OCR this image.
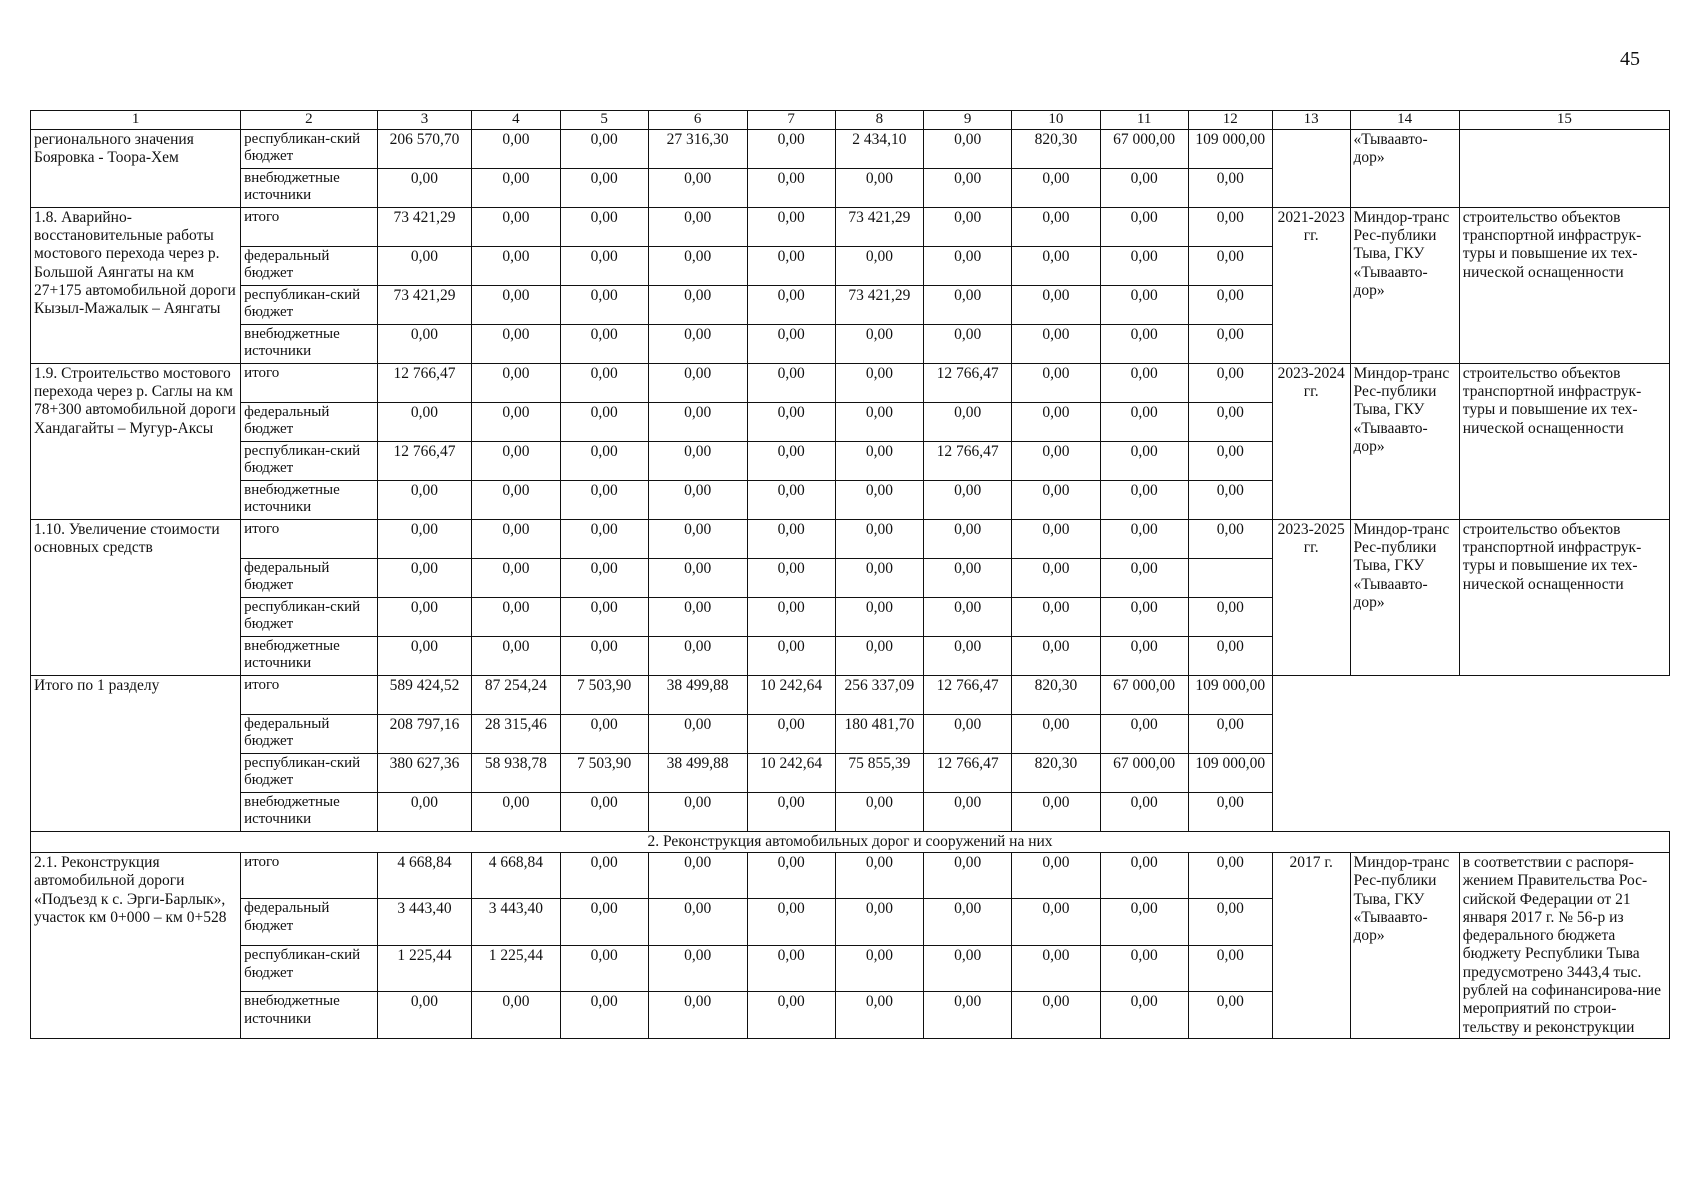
45
1	2	3	4	5	6	7	8	9	10	11	12	13	14	15
регионального значения Бояровка - Тоора-Хем	республикан-ский бюджет	206 570,70	0,00	0,00	27 316,30	0,00	2 434,10	0,00	820,30	67 000,00	109 000,00		«Тываавто-дор»	
	внебюджетные источники	0,00	0,00	0,00	0,00	0,00	0,00	0,00	0,00	0,00	0,00			
1.8. Аварийно-восстановительные работы мостового перехода через р. Большой Аянгаты на км 27+175 автомобильной дороги Кызыл-Мажалык – Аянгаты	итого	73 421,29	0,00	0,00	0,00	0,00	73 421,29	0,00	0,00	0,00	0,00	2021-2023 гг.	Миндор-транс Рес-публики Тыва, ГКУ «Тываавто-дор»	строительство объектов транспортной инфраструк-туры и повышение их тех-нической оснащенности
	федеральный бюджет	0,00	0,00	0,00	0,00	0,00	0,00	0,00	0,00	0,00	0,00			
	республикан-ский бюджет	73 421,29	0,00	0,00	0,00	0,00	73 421,29	0,00	0,00	0,00	0,00			
	внебюджетные источники	0,00	0,00	0,00	0,00	0,00	0,00	0,00	0,00	0,00	0,00			
1.9. Строительство мостового перехода через р. Саглы на км 78+300 автомобильной дороги Хандагайты – Мугур-Аксы	итого	12 766,47	0,00	0,00	0,00	0,00	0,00	12 766,47	0,00	0,00	0,00	2023-2024 гг.	Миндор-транс Рес-публики Тыва, ГКУ «Тываавто-дор»	строительство объектов транспортной инфраструк-туры и повышение их тех-нической оснащенности
	федеральный бюджет	0,00	0,00	0,00	0,00	0,00	0,00	0,00	0,00	0,00	0,00			
	республикан-ский бюджет	12 766,47	0,00	0,00	0,00	0,00	0,00	12 766,47	0,00	0,00	0,00			
	внебюджетные источники	0,00	0,00	0,00	0,00	0,00	0,00	0,00	0,00	0,00	0,00			
1.10. Увеличение стоимости основных средств	итого	0,00	0,00	0,00	0,00	0,00	0,00	0,00	0,00	0,00	0,00	2023-2025 гг.	Миндор-транс Рес-публики Тыва, ГКУ «Тываавто-дор»	строительство объектов транспортной инфраструк-туры и повышение их тех-нической оснащенности
	федеральный бюджет	0,00	0,00	0,00	0,00	0,00	0,00	0,00	0,00	0,00				
	республикан-ский бюджет	0,00	0,00	0,00	0,00	0,00	0,00	0,00	0,00	0,00	0,00			
	внебюджетные источники	0,00	0,00	0,00	0,00	0,00	0,00	0,00	0,00	0,00	0,00			
Итого по 1 разделу	итого	589 424,52	87 254,24	7 503,90	38 499,88	10 242,64	256 337,09	12 766,47	820,30	67 000,00	109 000,00			
	федеральный бюджет	208 797,16	28 315,46	0,00	0,00	0,00	180 481,70	0,00	0,00	0,00	0,00			
	республикан-ский бюджет	380 627,36	58 938,78	7 503,90	38 499,88	10 242,64	75 855,39	12 766,47	820,30	67 000,00	109 000,00			
	внебюджетные источники	0,00	0,00	0,00	0,00	0,00	0,00	0,00	0,00	0,00	0,00			
2. Реконструкция автомобильных дорог и сооружений на них														
2.1. Реконструкция автомобильной дороги «Подъезд к с. Эрги-Барлык», участок км 0+000 – км 0+528	итого	4 668,84	4 668,84	0,00	0,00	0,00	0,00	0,00	0,00	0,00	0,00	2017 г.	Миндор-транс Рес-публики Тыва, ГКУ «Тываавто-дор»	в соответствии с распоря-жением Правительства Рос-сийской Федерации от 21 января 2017 г. № 56-р из федерального бюджета бюджету Республики Тыва предусмотрено 3443,4 тыс. рублей на софинансирова-ние мероприятий по строи-тельству и реконструкции
	федеральный бюджет	3 443,40	3 443,40	0,00	0,00	0,00	0,00	0,00	0,00	0,00	0,00			
	республикан-ский бюджет	1 225,44	1 225,44	0,00	0,00	0,00	0,00	0,00	0,00	0,00	0,00			
	внебюджетные источники	0,00	0,00	0,00	0,00	0,00	0,00	0,00	0,00	0,00	0,00			
